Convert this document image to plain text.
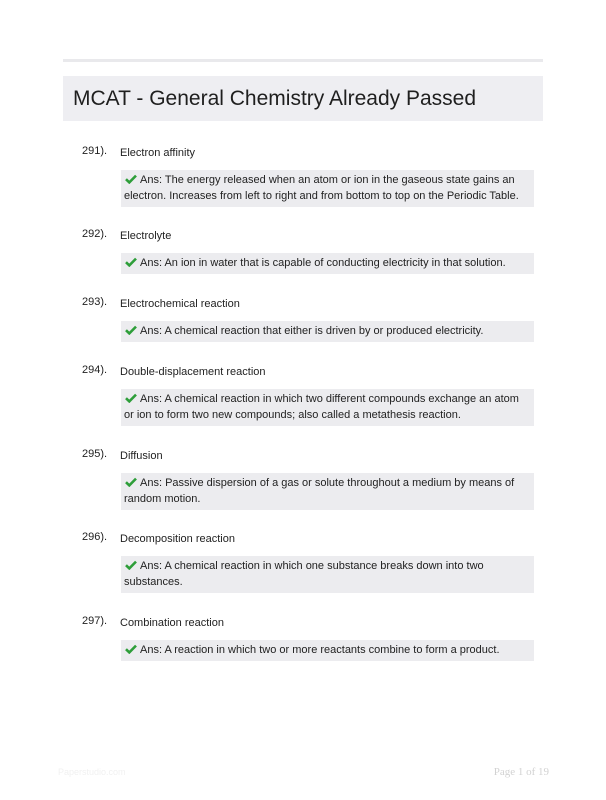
MCAT - General Chemistry Already Passed
291). Electron affinity
Ans: The energy released when an atom or ion in the gaseous state gains an electron. Increases from left to right and from bottom to top on the Periodic Table.
292). Electrolyte
Ans: An ion in water that is capable of conducting electricity in that solution.
293). Electrochemical reaction
Ans: A chemical reaction that either is driven by or produced electricity.
294). Double-displacement reaction
Ans: A chemical reaction in which two different compounds exchange an atom or ion to form two new compounds; also called a metathesis reaction.
295). Diffusion
Ans: Passive dispersion of a gas or solute throughout a medium by means of random motion.
296). Decomposition reaction
Ans: A chemical reaction in which one substance breaks down into two substances.
297). Combination reaction
Ans: A reaction in which two or more reactants combine to form a product.
Paperstudio.com	Page 1 of 19
